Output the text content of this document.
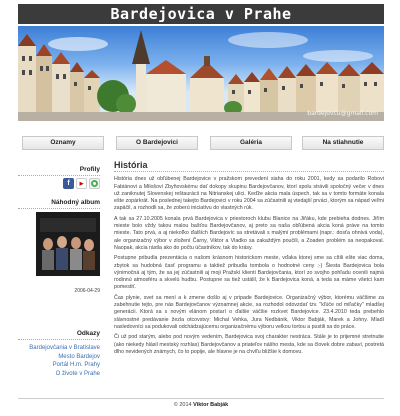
Bardejovica v Prahe
bardejovcu@gmail.com
Oznamy	O Bardejovici	Galéria	Na stiahnutie
Profily
f ▶
Náhodný album
2006-04-29
Odkazy
Bardejovčania v Bratislave
Mesto Bardejov
Portál H.m. Prahy
O živote v Prahe
História

História dnes už obľúbenej Bardejovice v pražskom prevedení siaha do roku 2001, kedy sa podarilo Robovi Fabiánovi a Milošovi Zbyňovskému dať dokopy skupinu Bardejovčanov, ktorí spolu strávili spoločný večer v dnes už zaniknutej Slovenskej reštaurácii na Nitrianskej ulici. Keďže akcia mala úspech, tak sa v tomto formáte konala ešte zopárkrát. Na poslednej takejto Bardejovici v roku 2004 sa zúčastnili aj vtedajší prváci, ktorým sa nápad veľmi zapáčil, a rozhodli sa, že zoberú iniciatívu do vlastných rúk.

A tak sa 27.10.2005 konala prvá Bardejovica v priestoroch klubu Blanice na Jiřáku, kde prebieha dodnes. Jiřím mieste bolo vždy takou malou bašťou Bardejovčanov, aj preto sa naša obľúbená akcia koná práve na tomto mieste. Tato prvá, a aj niekoľko ďalších Bardejovíc sa stretávali s malými problémami (napr.: dosťa ohnivá voda), ale organizačný výbor v zložení Čarny, Viktor a Vladko sa zakaždým poučili, a Zoaden problém sa neopakoval. Naopak, akcia rástla ako do počtu účastníkov, tak do krásy.

Postupne pribudla prezentácia o našom krásnom historickom meste, vďaka ktorej sme sa cítili ešte viac doma, zbytok sa hudobná časť programu a taktiež pribudla tombola o hodnotné ceny ;-) Šiesta Bardejovica bola výnimočná aj tým, že sa jej zúčastnili aj moji Pražskí klienti Bardejovčania, ktorí zo svojho pohľadu ocenili najmä rodinnú atmosféru a skvelú hudbu. Postupne sa tiež ustálil, že k Bardejovica koná, a teda sa máme všetci kam pomestiť.

Čas plynie, svet sa mení a k zmene došlo aj v pripade Bardejovice. Organizačný výbor, ktorému väčšime za zabehnutie tejto, pre nás Bardejovčanov významnej akcie, sa rozhodol odovzdať tzv. "kľúče od miľačky" mladšej generácii. Ktorá sa s novým elánom postarí o ďalšie väčšie rozkvet Bardejovice. 23.4.2010 teda prebehlo slávnostné predávanie žezla otcovstvy: Michal Vehka, Jura Nedbánik, Viktor Babják, Marek a Johny. Mladí nasledovníci sa podukovali odchádzajúcemu organizačnému výboru velkou tortou a pustili sa do práce.

Či už pod starým, alebo pod novým vedením, Bardejovica svoj charakter nestráca. Stále je to prijemné stretnutie (ako niekedy hlásil mestský rozhlas) Bardejovčanov a priateľov nášho mesta, kde sa človek dobre zabaví, postretá dlho nevidených známych, čo to popije, ale hlavne je na chvíľu bližšie k domovu.

© 2014 Viktor Babják
